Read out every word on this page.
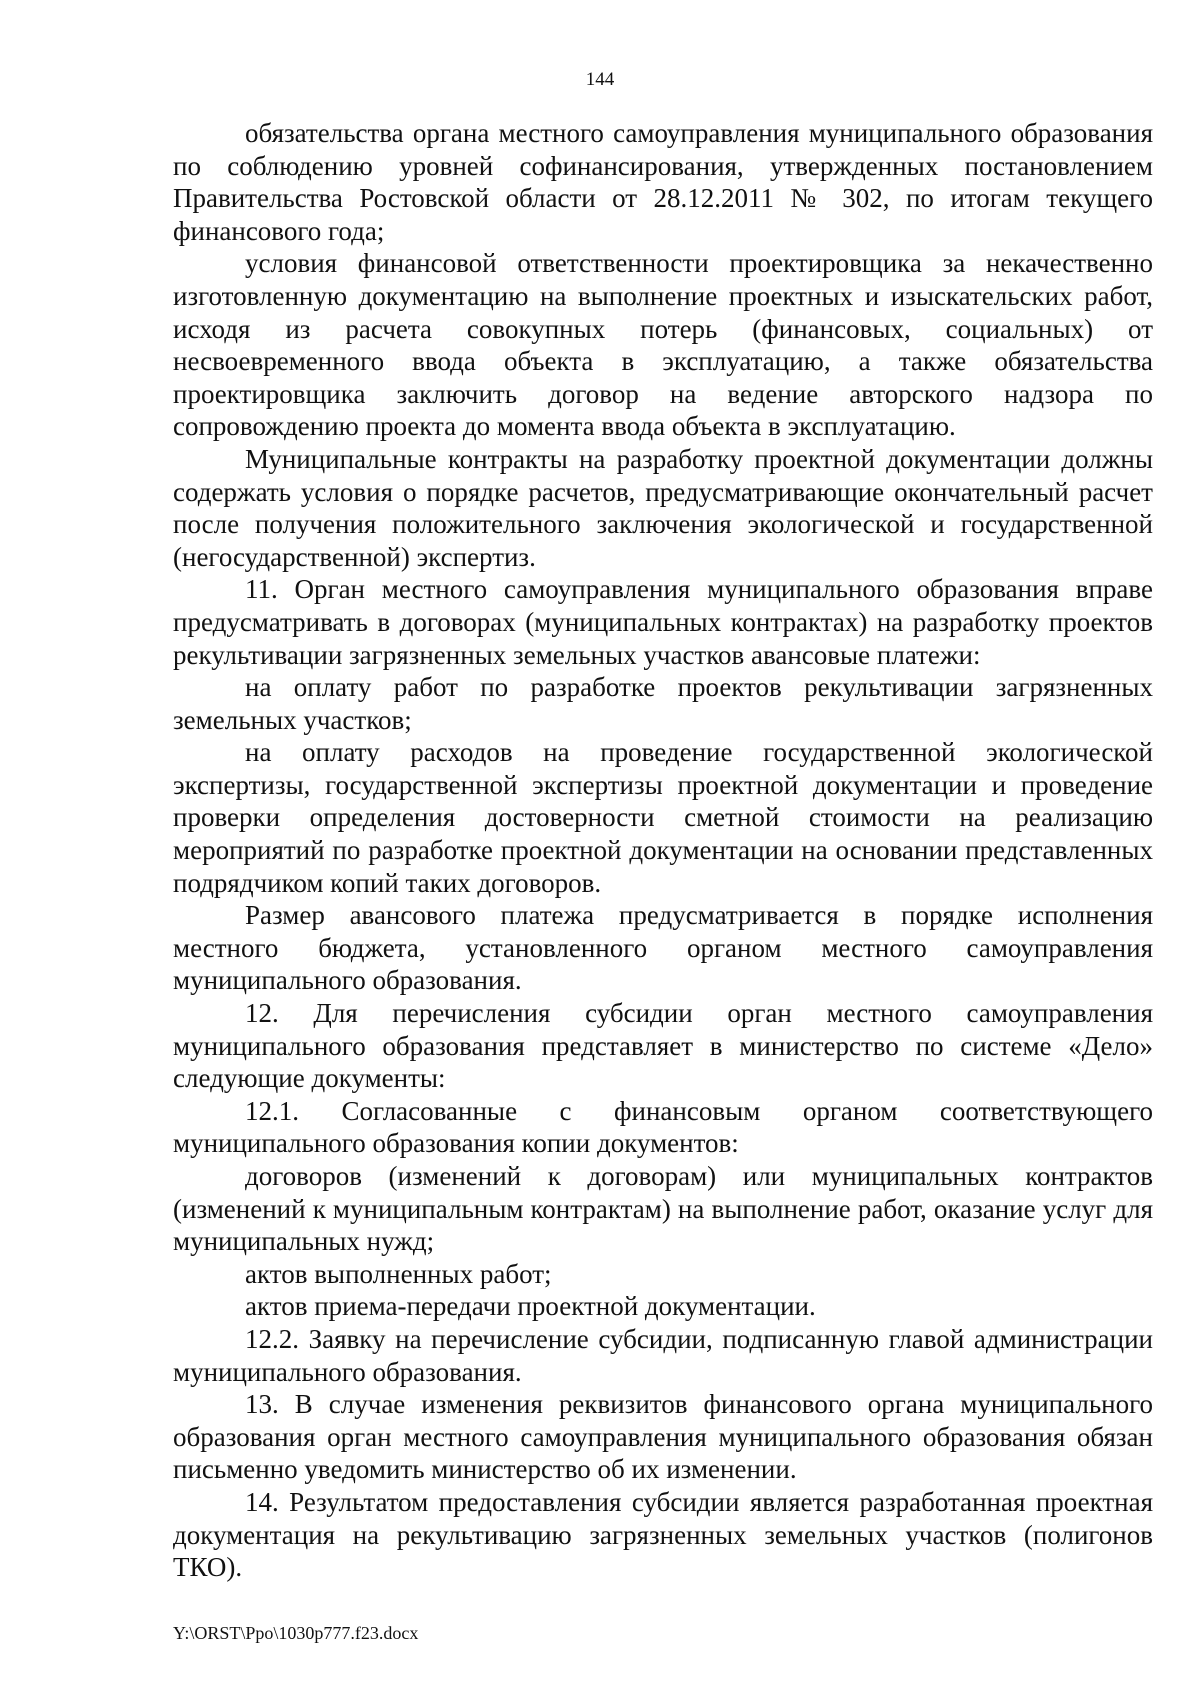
144

обязательства органа местного самоуправления муниципального образования по соблюдению уровней софинансирования, утвержденных постановлением Правительства Ростовской области от 28.12.2011 № 302, по итогам текущего финансового года;

условия финансовой ответственности проектировщика за некачественно изготовленную документацию на выполнение проектных и изыскательских работ, исходя из расчета совокупных потерь (финансовых, социальных) от несвоевременного ввода объекта в эксплуатацию, а также обязательства проектировщика заключить договор на ведение авторского надзора по сопровождению проекта до момента ввода объекта в эксплуатацию.

Муниципальные контракты на разработку проектной документации должны содержать условия о порядке расчетов, предусматривающие окончательный расчет после получения положительного заключения экологической и государственной (негосударственной) экспертиз.

11. Орган местного самоуправления муниципального образования вправе предусматривать в договорах (муниципальных контрактах) на разработку проектов рекультивации загрязненных земельных участков авансовые платежи:

на оплату работ по разработке проектов рекультивации загрязненных земельных участков;

на оплату расходов на проведение государственной экологической экспертизы, государственной экспертизы проектной документации и проведение проверки определения достоверности сметной стоимости на реализацию мероприятий по разработке проектной документации на основании представленных подрядчиком копий таких договоров.

Размер авансового платежа предусматривается в порядке исполнения местного бюджета, установленного органом местного самоуправления муниципального образования.

12. Для перечисления субсидии орган местного самоуправления муниципального образования представляет в министерство по системе «Дело» следующие документы:

12.1. Согласованные с финансовым органом соответствующего муниципального образования копии документов:

договоров (изменений к договорам) или муниципальных контрактов (изменений к муниципальным контрактам) на выполнение работ, оказание услуг для муниципальных нужд;

актов выполненных работ;

актов приема-передачи проектной документации.

12.2. Заявку на перечисление субсидии, подписанную главой администрации муниципального образования.

13. В случае изменения реквизитов финансового органа муниципального образования орган местного самоуправления муниципального образования обязан письменно уведомить министерство об их изменении.

14. Результатом предоставления субсидии является разработанная проектная документация на рекультивацию загрязненных земельных участков (полигонов ТКО).

Y:\ORST\Ppo\1030p777.f23.docx
